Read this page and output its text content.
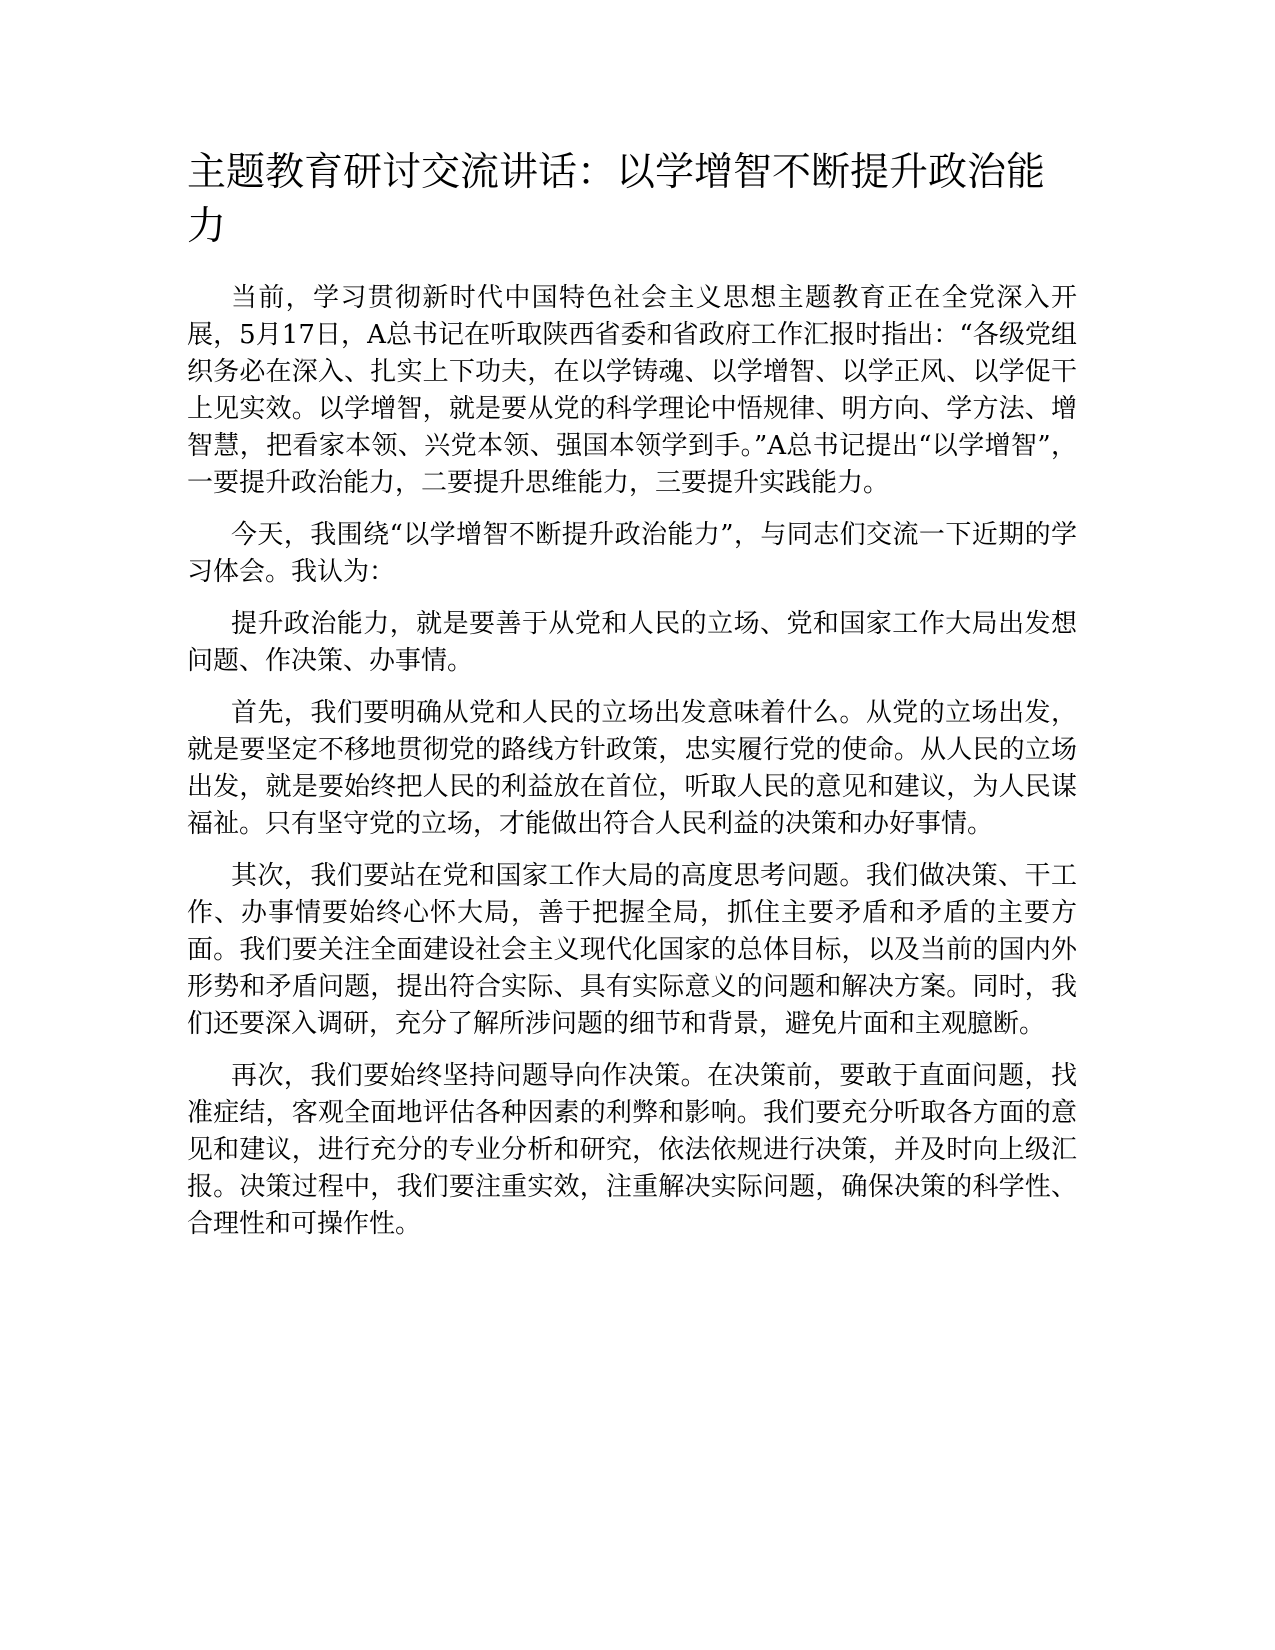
主题教育研讨交流讲话：以学增智不断提升政治能力

当前，学习贯彻新时代中国特色社会主义思想主题教育正在全党深入开展，5月17日，A总书记在听取陕西省委和省政府工作汇报时指出：“各级党组织务必在深入、扎实上下功夫，在以学铸魂、以学增智、以学正风、以学促干上见实效。以学增智，就是要从党的科学理论中悟规律、明方向、学方法、增智慧，把看家本领、兴党本领、强国本领学到手。”A总书记提出“以学增智”，一要提升政治能力，二要提升思维能力，三要提升实践能力。

今天，我围绕“以学增智不断提升政治能力”，与同志们交流一下近期的学习体会。我认为：

提升政治能力，就是要善于从党和人民的立场、党和国家工作大局出发想问题、作决策、办事情。

首先，我们要明确从党和人民的立场出发意味着什么。从党的立场出发，就是要坚定不移地贯彻党的路线方针政策，忠实履行党的使命。从人民的立场出发，就是要始终把人民的利益放在首位，听取人民的意见和建议，为人民谋福祉。只有坚守党的立场，才能做出符合人民利益的决策和办好事情。

其次，我们要站在党和国家工作大局的高度思考问题。我们做决策、干工作、办事情要始终心怀大局，善于把握全局，抓住主要矛盾和矛盾的主要方面。我们要关注全面建设社会主义现代化国家的总体目标，以及当前的国内外形势和矛盾问题，提出符合实际、具有实际意义的问题和解决方案。同时，我们还要深入调研，充分了解所涉问题的细节和背景，避免片面和主观臆断。

再次，我们要始终坚持问题导向作决策。在决策前，要敢于直面问题，找准症结，客观全面地评估各种因素的利弊和影响。我们要充分听取各方面的意见和建议，进行充分的专业分析和研究，依法依规进行决策，并及时向上级汇报。决策过程中，我们要注重实效，注重解决实际问题，确保决策的科学性、合理性和可操作性。
